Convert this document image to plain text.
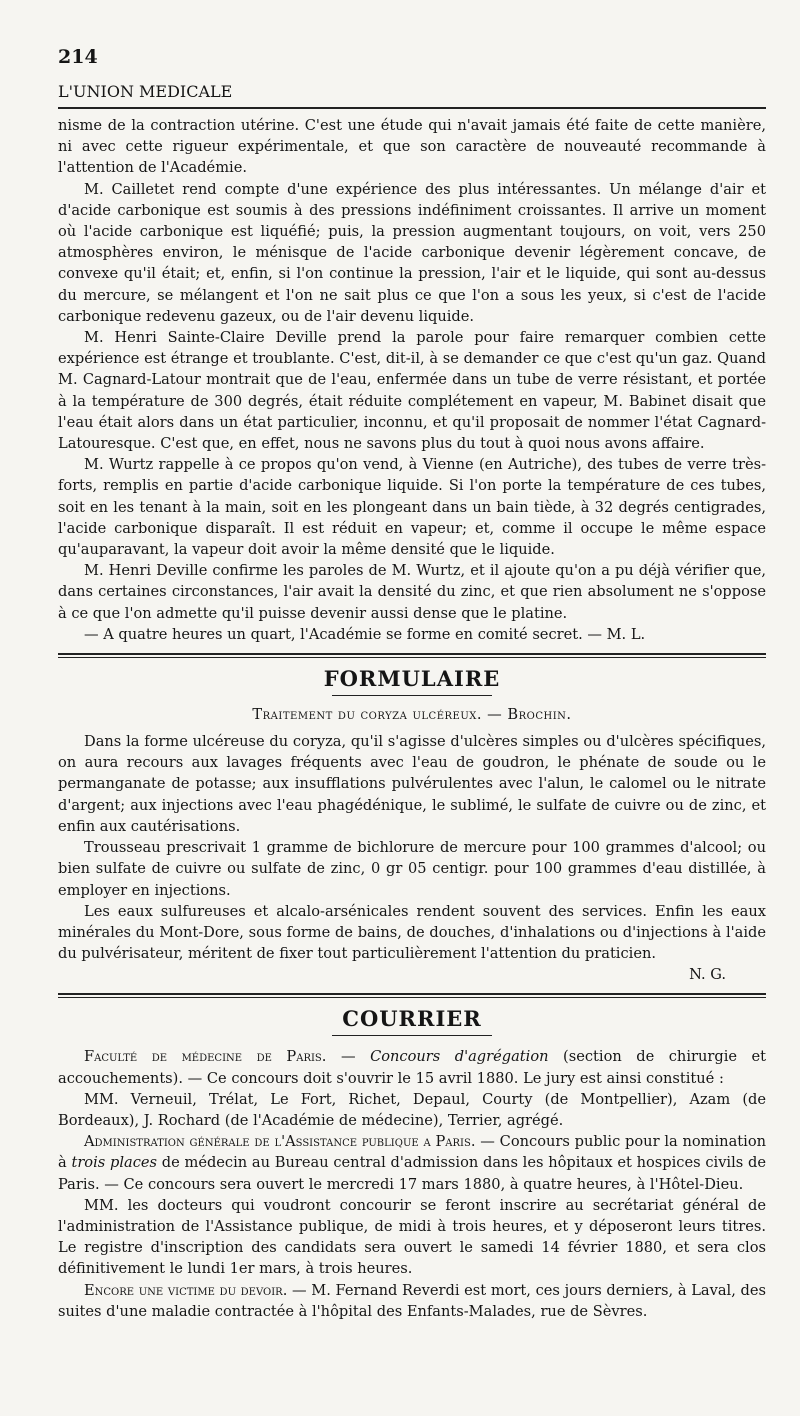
214
L'UNION MEDICALE

nisme de la contraction utérine. C'est une étude qui n'avait jamais été faite de cette manière, ni avec cette rigueur expérimentale, et que son caractère de nouveauté recommande à l'attention de l'Académie.

M. Cailletet rend compte d'une expérience des plus intéressantes. Un mélange d'air et d'acide carbonique est soumis à des pressions indéfiniment croissantes. Il arrive un moment où l'acide carbonique est liquéfié; puis, la pression augmentant toujours, on voit, vers 250 atmosphères environ, le ménisque de l'acide carbonique devenir légèrement concave, de convexe qu'il était; et, enfin, si l'on continue la pression, l'air et le liquide, qui sont au-dessus du mercure, se mélangent et l'on ne sait plus ce que l'on a sous les yeux, si c'est de l'acide carbonique redevenu gazeux, ou de l'air devenu liquide.

M. Henri Sainte-Claire Deville prend la parole pour faire remarquer combien cette expérience est étrange et troublante. C'est, dit-il, à se demander ce que c'est qu'un gaz. Quand M. Cagnard-Latour montrait que de l'eau, enfermée dans un tube de verre résistant, et portée à la température de 300 degrés, était réduite complétement en vapeur, M. Babinet disait que l'eau était alors dans un état particulier, inconnu, et qu'il proposait de nommer l'état Cagnard-Latouresque. C'est que, en effet, nous ne savons plus du tout à quoi nous avons affaire.

M. Wurtz rappelle à ce propos qu'on vend, à Vienne (en Autriche), des tubes de verre très-forts, remplis en partie d'acide carbonique liquide. Si l'on porte la température de ces tubes, soit en les tenant à la main, soit en les plongeant dans un bain tiède, à 32 degrés centigrades, l'acide carbonique disparaît. Il est réduit en vapeur; et, comme il occupe le même espace qu'auparavant, la vapeur doit avoir la même densité que le liquide.

M. Henri Deville confirme les paroles de M. Wurtz, et il ajoute qu'on a pu déjà vérifier que, dans certaines circonstances, l'air avait la densité du zinc, et que rien absolument ne s'oppose à ce que l'on admette qu'il puisse devenir aussi dense que le platine.

— A quatre heures un quart, l'Académie se forme en comité secret. — M. L.

FORMULAIRE
Traitement du coryza ulcéreux. — Brochin.

Dans la forme ulcéreuse du coryza, qu'il s'agisse d'ulcères simples ou d'ulcères spécifiques, on aura recours aux lavages fréquents avec l'eau de goudron, le phénate de soude ou le permanganate de potasse; aux insufflations pulvérulentes avec l'alun, le calomel ou le nitrate d'argent; aux injections avec l'eau phagédénique, le sublimé, le sulfate de cuivre ou de zinc, et enfin aux cautérisations.

Trousseau prescrivait 1 gramme de bichlorure de mercure pour 100 grammes d'alcool; ou bien sulfate de cuivre ou sulfate de zinc, 0 gr 05 centigr. pour 100 grammes d'eau distillée, à employer en injections.

Les eaux sulfureuses et alcalo-arsénicales rendent souvent des services. Enfin les eaux minérales du Mont-Dore, sous forme de bains, de douches, d'inhalations ou d'injections à l'aide du pulvérisateur, méritent de fixer tout particulièrement l'attention du praticien.

N. G.
COURRIER

Faculté de médecine de Paris. — Concours d'agrégation (section de chirurgie et accouchements). — Ce concours doit s'ouvrir le 15 avril 1880. Le jury est ainsi constitué :

MM. Verneuil, Trélat, Le Fort, Richet, Depaul, Courty (de Montpellier), Azam (de Bordeaux), J. Rochard (de l'Académie de médecine), Terrier, agrégé.

Administration générale de l'Assistance publique a Paris. — Concours public pour la nomination à trois places de médecin au Bureau central d'admission dans les hôpitaux et hospices civils de Paris. — Ce concours sera ouvert le mercredi 17 mars 1880, à quatre heures, à l'Hôtel-Dieu.

MM. les docteurs qui voudront concourir se feront inscrire au secrétariat général de l'administration de l'Assistance publique, de midi à trois heures, et y déposeront leurs titres. Le registre d'inscription des candidats sera ouvert le samedi 14 février 1880, et sera clos définitivement le lundi 1er mars, à trois heures.

Encore une victime du devoir. — M. Fernand Reverdi est mort, ces jours derniers, à Laval, des suites d'une maladie contractée à l'hôpital des Enfants-Malades, rue de Sèvres.
